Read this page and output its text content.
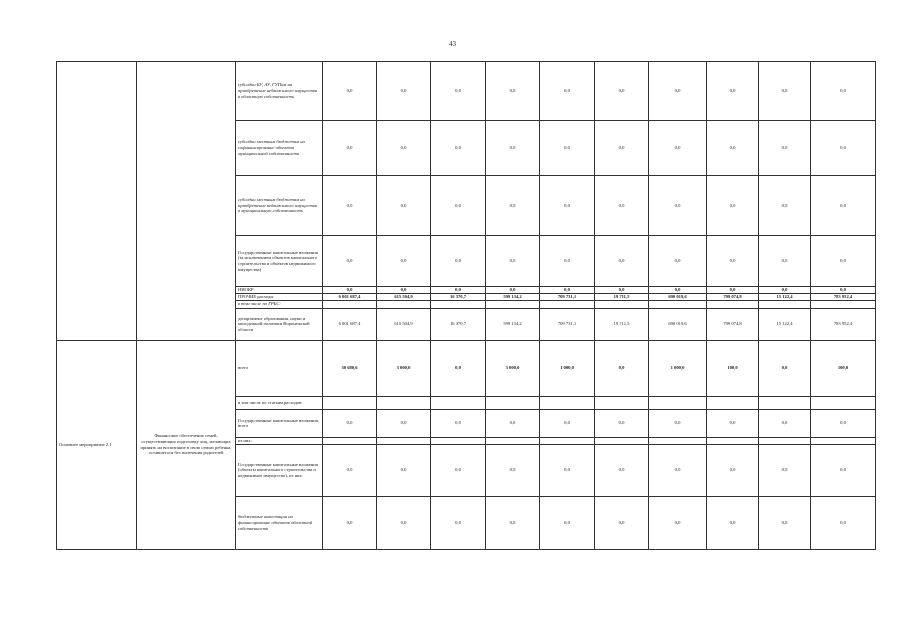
43
		субсидии БУ, АУ, ГУПам на приобретение недвижимого имущества в областную собственность	0,0	0,0	0,0	0,0	0,0	0,0	0,0	0,0	0,0	0,0
		субсидии местным бюджетам на софинансирование объектов муниципальной собственности	0,0	0,0	0,0	0,0	0,0	0,0	0,0	0,0	0,0	0,0
		субсидии местным бюджетам на приобретение недвижимого имущества в муниципальную собственность	0,0	0,0	0,0	0,0	0,0	0,0	0,0	0,0	0,0	0,0
		Государственные капитальные вложения (за исключением объектов капитального строительства и объектов недвижимого имущества)	0,0	0,0	0,0	0,0	0,0	0,0	0,0	0,0	0,0	0,0
		НИОКР	0,0	0,0	0,0	0,0	0,0	0,0	0,0	0,0	0,0	0,0
		ПРОЧИЕ расходы	6 001 687,4	615 504,9	16 370,7	599 134,2	709 731,1	19 711,5	690 019,6	799 074,8	15 122,4	783 952,4
		в том числе по ГРБС:										
		департамент образования, науки и молодежной политики Воронежской области	6 001 687,4	615 504,9	16 370,7	599 134,2	709 731,1	19 711,5	690 019,6	799 074,8	15 122,4	783 952,4
Основное мероприятие 2.1	Финансовое обеспечение семей, осуществляющих подготовку лиц, желающих принять на воспитание в свою семью ребенка, оставшегося без попечения родителей	всего	30 680,6	3 000,0	0,0	3 000,0	1 000,0	0,0	1 000,0	100,0	0,0	100,0
		в том числе по статьям расходов:										
		Государственные капитальные вложения, всего	0,0	0,0	0,0	0,0	0,0	0,0	0,0	0,0	0,0	0,0
		из них:										
		Государственные капитальные вложения (объекты капитального строительства и недвижимое имущество), из них:	0,0	0,0	0,0	0,0	0,0	0,0	0,0	0,0	0,0	0,0
		бюджетные инвестиции на финансирование объектов областной собственности	0,0	0,0	0,0	0,0	0,0	0,0	0,0	0,0	0,0	0,0
